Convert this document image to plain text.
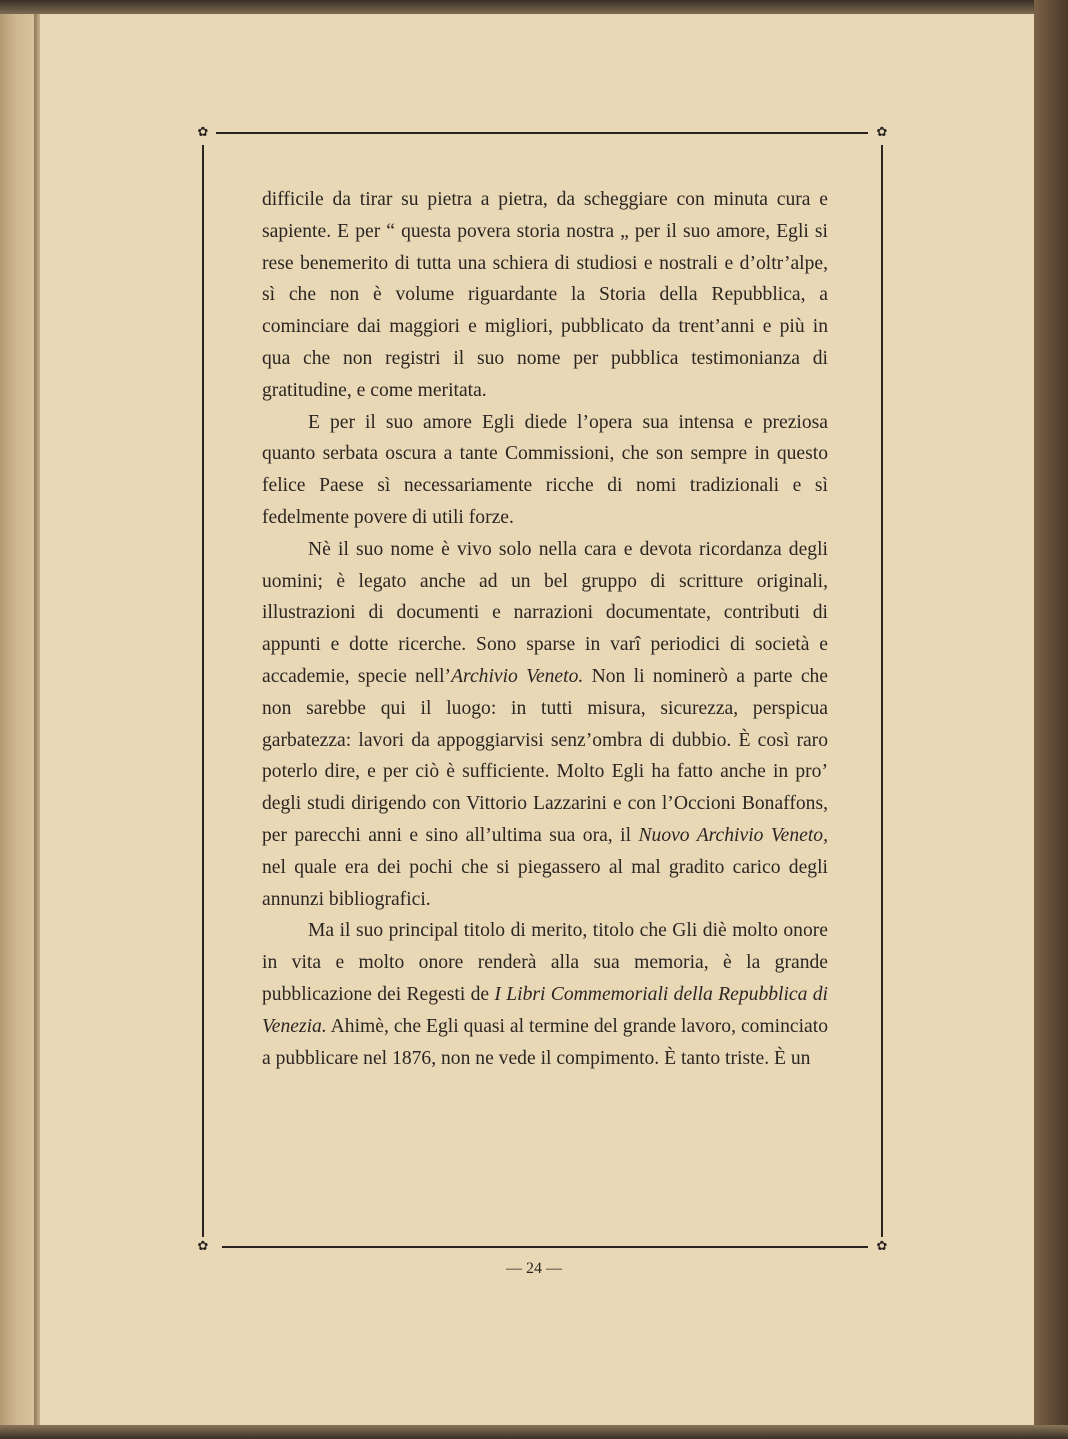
✿	✿
✿	✿

difficile da tirar su pietra a pietra, da scheggiare con minuta cura e sapiente. E per “ questa povera storia nostra „ per il suo amore, Egli si rese benemerito di tutta una schiera di studiosi e nostrali e d’oltr’alpe, sì che non è volume riguardante la Storia della Repubblica, a cominciare dai maggiori e migliori, pubblicato da trent’anni e più in qua che non registri il suo nome per pubblica testimonianza di gratitudine, e come meritata.

E per il suo amore Egli diede l’opera sua intensa e preziosa quanto serbata oscura a tante Commissioni, che son sempre in questo felice Paese sì necessariamente ricche di nomi tradizionali e sì fedelmente povere di utili forze.

Nè il suo nome è vivo solo nella cara e devota ricordanza degli uomini; è legato anche ad un bel gruppo di scritture originali, illustrazioni di documenti e narrazioni documentate, contributi di appunti e dotte ricerche. Sono sparse in varî periodici di società e accademie, specie nell’Archivio Veneto. Non li nominerò a parte che non sarebbe qui il luogo: in tutti misura, sicurezza, perspicua garbatezza: lavori da appoggiarvisi senz’ombra di dubbio. È così raro poterlo dire, e per ciò è sufficiente. Molto Egli ha fatto anche in pro’ degli studi dirigendo con Vittorio Lazzarini e con l’Occioni Bonaffons, per parecchi anni e sino all’ultima sua ora, il Nuovo Archivio Veneto, nel quale era dei pochi che si piegassero al mal gradito carico degli annunzi bibliografici.

Ma il suo principal titolo di merito, titolo che Gli diè molto onore in vita e molto onore renderà alla sua memoria, è la grande pubblicazione dei Regesti de I Libri Commemoriali della Repubblica di Venezia. Ahimè, che Egli quasi al termine del grande lavoro, cominciato a pubblicare nel 1876, non ne vede il compimento. È tanto triste. È un

— 24 —
